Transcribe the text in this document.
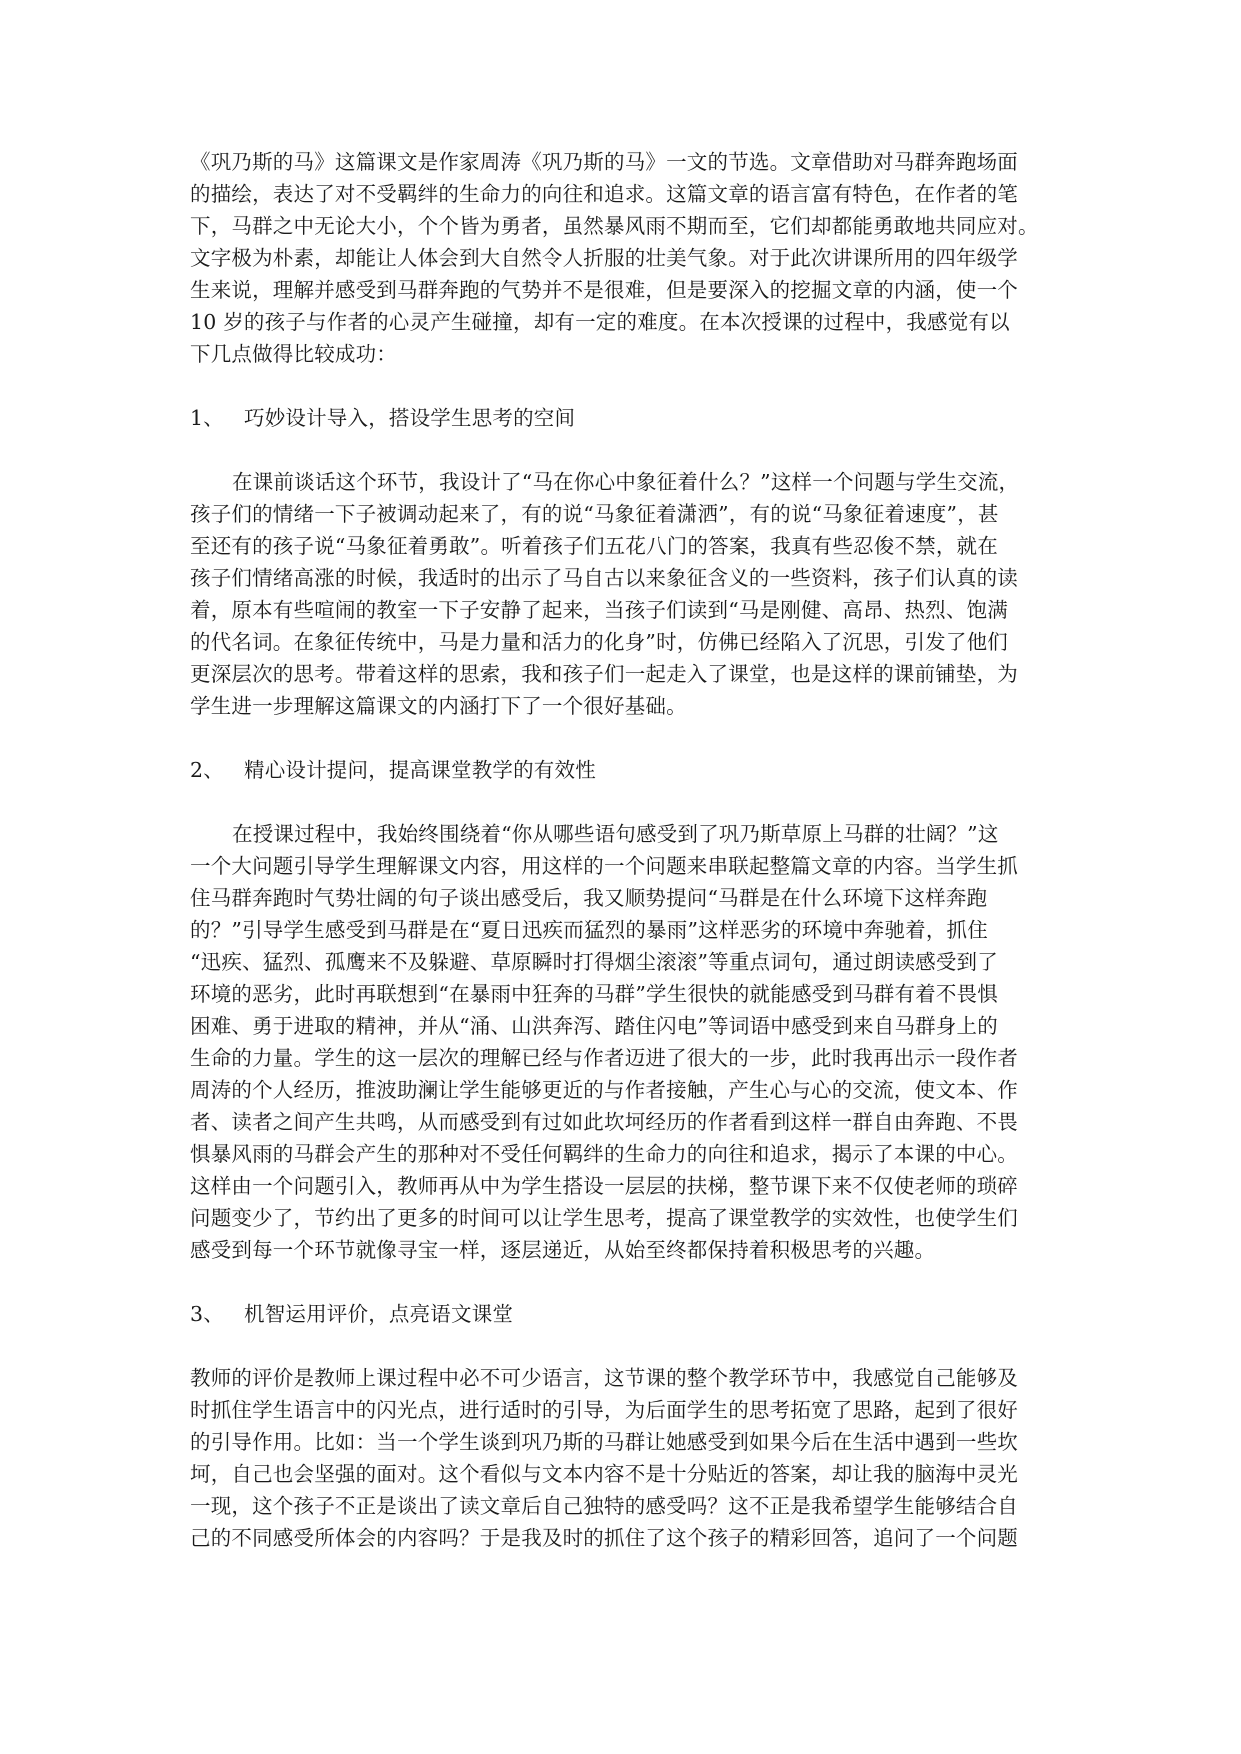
《巩乃斯的马》这篇课文是作家周涛《巩乃斯的马》一文的节选。文章借助对马群奔跑场面
的描绘，表达了对不受羁绊的生命力的向往和追求。这篇文章的语言富有特色，在作者的笔
下，马群之中无论大小，个个皆为勇者，虽然暴风雨不期而至，它们却都能勇敢地共同应对。
文字极为朴素，却能让人体会到大自然令人折服的壮美气象。对于此次讲课所用的四年级学
生来说，理解并感受到马群奔跑的气势并不是很难，但是要深入的挖掘文章的内涵，使一个
10 岁的孩子与作者的心灵产生碰撞，却有一定的难度。在本次授课的过程中，我感觉有以
下几点做得比较成功：
1、 巧妙设计导入，搭设学生思考的空间
在课前谈话这个环节，我设计了“马在你心中象征着什么？”这样一个问题与学生交流，
孩子们的情绪一下子被调动起来了，有的说“马象征着潇洒”，有的说“马象征着速度”，甚
至还有的孩子说“马象征着勇敢”。听着孩子们五花八门的答案，我真有些忍俊不禁，就在
孩子们情绪高涨的时候，我适时的出示了马自古以来象征含义的一些资料，孩子们认真的读
着，原本有些喧闹的教室一下子安静了起来，当孩子们读到“马是刚健、高昂、热烈、饱满
的代名词。在象征传统中，马是力量和活力的化身”时，仿佛已经陷入了沉思，引发了他们
更深层次的思考。带着这样的思索，我和孩子们一起走入了课堂，也是这样的课前铺垫，为
学生进一步理解这篇课文的内涵打下了一个很好基础。
2、 精心设计提问，提高课堂教学的有效性
在授课过程中，我始终围绕着“你从哪些语句感受到了巩乃斯草原上马群的壮阔？”这
一个大问题引导学生理解课文内容，用这样的一个问题来串联起整篇文章的内容。当学生抓
住马群奔跑时气势壮阔的句子谈出感受后，我又顺势提问“马群是在什么环境下这样奔跑
的？”引导学生感受到马群是在“夏日迅疾而猛烈的暴雨”这样恶劣的环境中奔驰着，抓住
“迅疾、猛烈、孤鹰来不及躲避、草原瞬时打得烟尘滚滚”等重点词句，通过朗读感受到了
环境的恶劣，此时再联想到“在暴雨中狂奔的马群”学生很快的就能感受到马群有着不畏惧
困难、勇于进取的精神，并从“涌、山洪奔泻、踏住闪电”等词语中感受到来自马群身上的
生命的力量。学生的这一层次的理解已经与作者迈进了很大的一步，此时我再出示一段作者
周涛的个人经历，推波助澜让学生能够更近的与作者接触，产生心与心的交流，使文本、作
者、读者之间产生共鸣，从而感受到有过如此坎坷经历的作者看到这样一群自由奔跑、不畏
惧暴风雨的马群会产生的那种对不受任何羁绊的生命力的向往和追求，揭示了本课的中心。
这样由一个问题引入，教师再从中为学生搭设一层层的扶梯，整节课下来不仅使老师的琐碎
问题变少了，节约出了更多的时间可以让学生思考，提高了课堂教学的实效性，也使学生们
感受到每一个环节就像寻宝一样，逐层递近，从始至终都保持着积极思考的兴趣。
3、 机智运用评价，点亮语文课堂
教师的评价是教师上课过程中必不可少语言，这节课的整个教学环节中，我感觉自己能够及
时抓住学生语言中的闪光点，进行适时的引导，为后面学生的思考拓宽了思路，起到了很好
的引导作用。比如：当一个学生谈到巩乃斯的马群让她感受到如果今后在生活中遇到一些坎
坷，自己也会坚强的面对。这个看似与文本内容不是十分贴近的答案，却让我的脑海中灵光
一现，这个孩子不正是谈出了读文章后自己独特的感受吗？这不正是我希望学生能够结合自
己的不同感受所体会的内容吗？于是我及时的抓住了这个孩子的精彩回答，追问了一个问题
